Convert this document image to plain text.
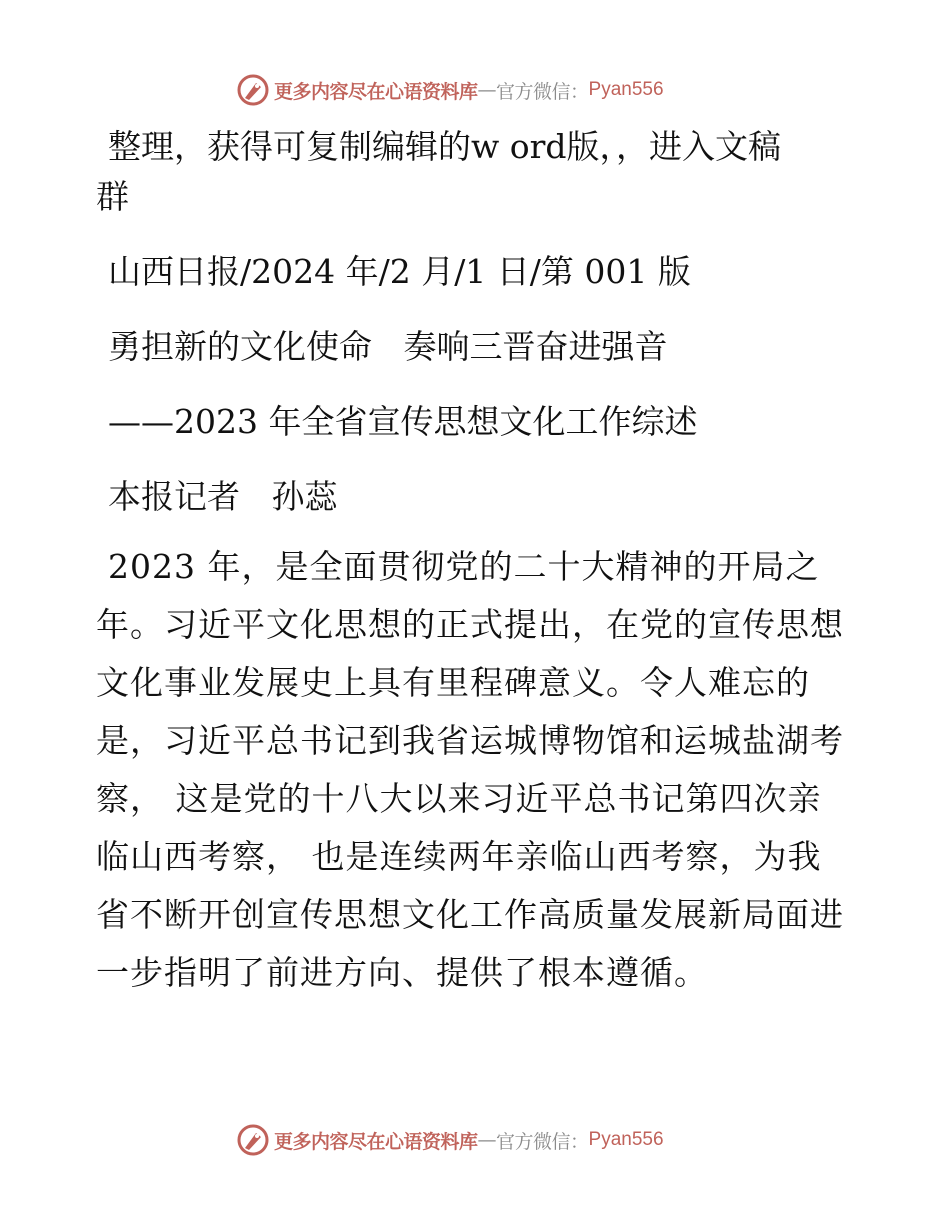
更多内容尽在心语资料库 — 官方微信： Pyan556

整理，获得可复制编辑的w ord版，，进入文稿

群

山西日报/2024 年/2 月/1 日/第 001 版

勇担新的文化使命   奏响三晋奋进强音

——2023 年全省宣传思想文化工作综述

本报记者   孙蕊

2023 年，是全面贯彻党的二十大精神的开局之

年。习近平文化思想的正式提出，在党的宣传思想

文化事业发展史上具有里程碑意义。令人难忘的

是，习近平总书记到我省运城博物馆和运城盐湖考

察， 这是党的十八大以来习近平总书记第四次亲

临山西考察， 也是连续两年亲临山西考察，为我

省不断开创宣传思想文化工作高质量发展新局面进

一步指明了前进方向、提供了根本遵循。

更多内容尽在心语资料库 — 官方微信： Pyan556
